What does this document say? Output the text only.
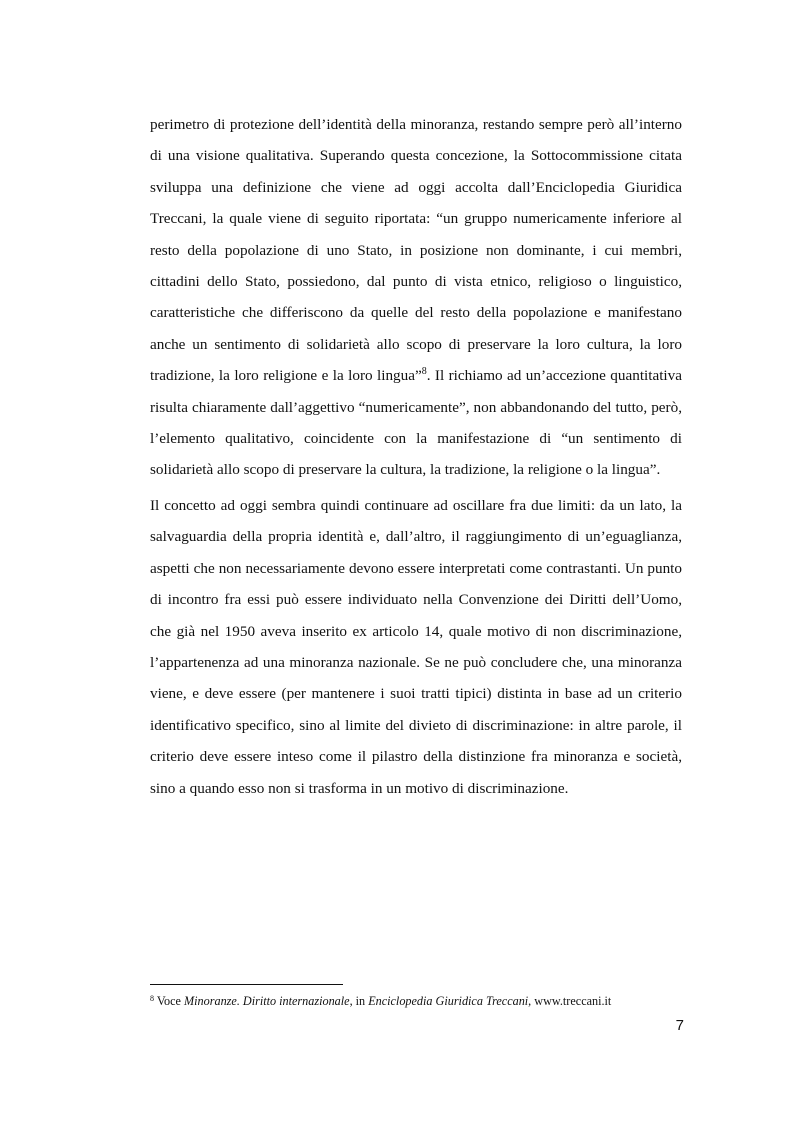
perimetro di protezione dell’identità della minoranza, restando sempre però all’interno di una visione qualitativa. Superando questa concezione, la Sottocommissione citata sviluppa una definizione che viene ad oggi accolta dall’Enciclopedia Giuridica Treccani, la quale viene di seguito riportata: “un gruppo numericamente inferiore al resto della popolazione di uno Stato, in posizione non dominante, i cui membri, cittadini dello Stato, possiedono, dal punto di vista etnico, religioso o linguistico, caratteristiche che differiscono da quelle del resto della popolazione e manifestano anche un sentimento di solidarietà allo scopo di preservare la loro cultura, la loro tradizione, la loro religione e la loro lingua”$^8$. Il richiamo ad un’accezione quantitativa risulta chiaramente dall’aggettivo “numericamente”, non abbandonando del tutto, però, l’elemento qualitativo, coincidente con la manifestazione di “un sentimento di solidarietà allo scopo di preservare la cultura, la tradizione, la religione o la lingua”.

Il concetto ad oggi sembra quindi continuare ad oscillare fra due limiti: da un lato, la salvaguardia della propria identità e, dall’altro, il raggiungimento di un’eguaglianza, aspetti che non necessariamente devono essere interpretati come contrastanti. Un punto di incontro fra essi può essere individuato nella Convenzione dei Diritti dell’Uomo, che già nel 1950 aveva inserito ex articolo 14, quale motivo di non discriminazione, l’appartenenza ad una minoranza nazionale. Se ne può concludere che, una minoranza viene, e deve essere (per mantenere i suoi tratti tipici) distinta in base ad un criterio identificativo specifico, sino al limite del divieto di discriminazione: in altre parole, il criterio deve essere inteso come il pilastro della distinzione fra minoranza e società, sino a quando esso non si trasforma in un motivo di discriminazione.

$^8$ Voce Minoranze. Diritto internazionale, in Enciclopedia Giuridica Treccani, www.treccani.it
7
